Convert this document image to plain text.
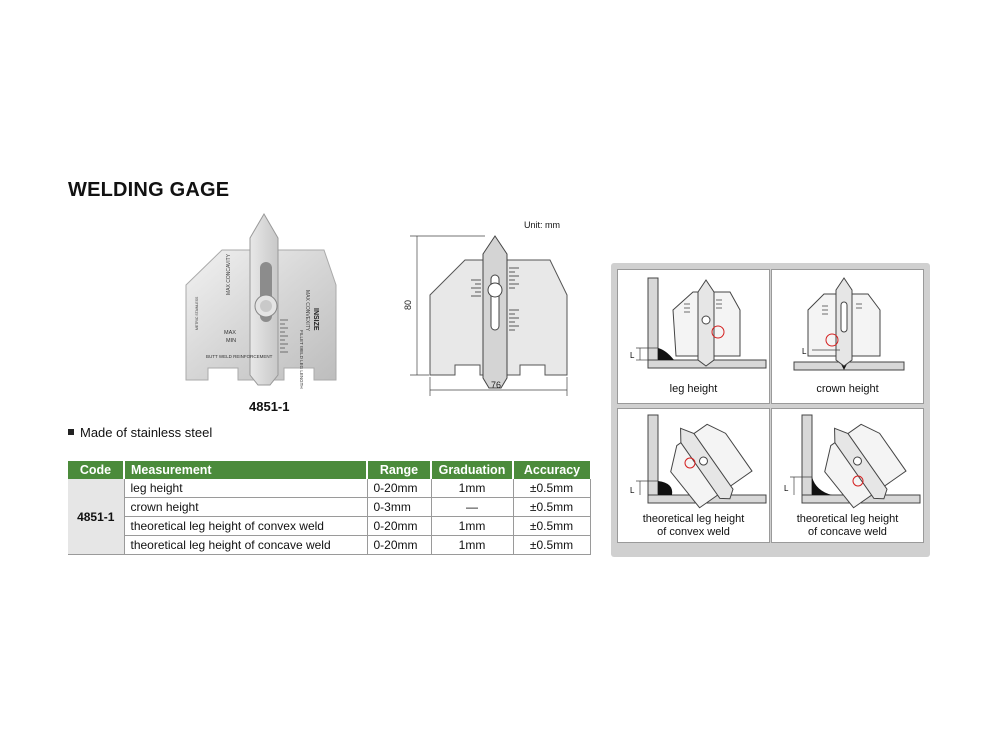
WELDING GAGE
MAX CONCAVITY
MAX CONVEXITY
MAX
MIN
BUTT WELD REINFORCEMENT	FILLET WELD LEG LENGTH
METRIC STAINLESS	INSIZE
4851-1
Unit: mm
80
76
Made of stainless steel
Code	Measurement	Range	Graduation	Accuracy
4851-1	leg height	0-20mm	1mm	±0.5mm
	crown height	0-3mm	—	±0.5mm
	theoretical leg height of convex weld	0-20mm	1mm	±0.5mm
	theoretical leg height of concave weld	0-20mm	1mm	±0.5mm
L
leg height
L
crown height
L
theoretical leg height
of convex weld
L
theoretical leg height
of concave weld
